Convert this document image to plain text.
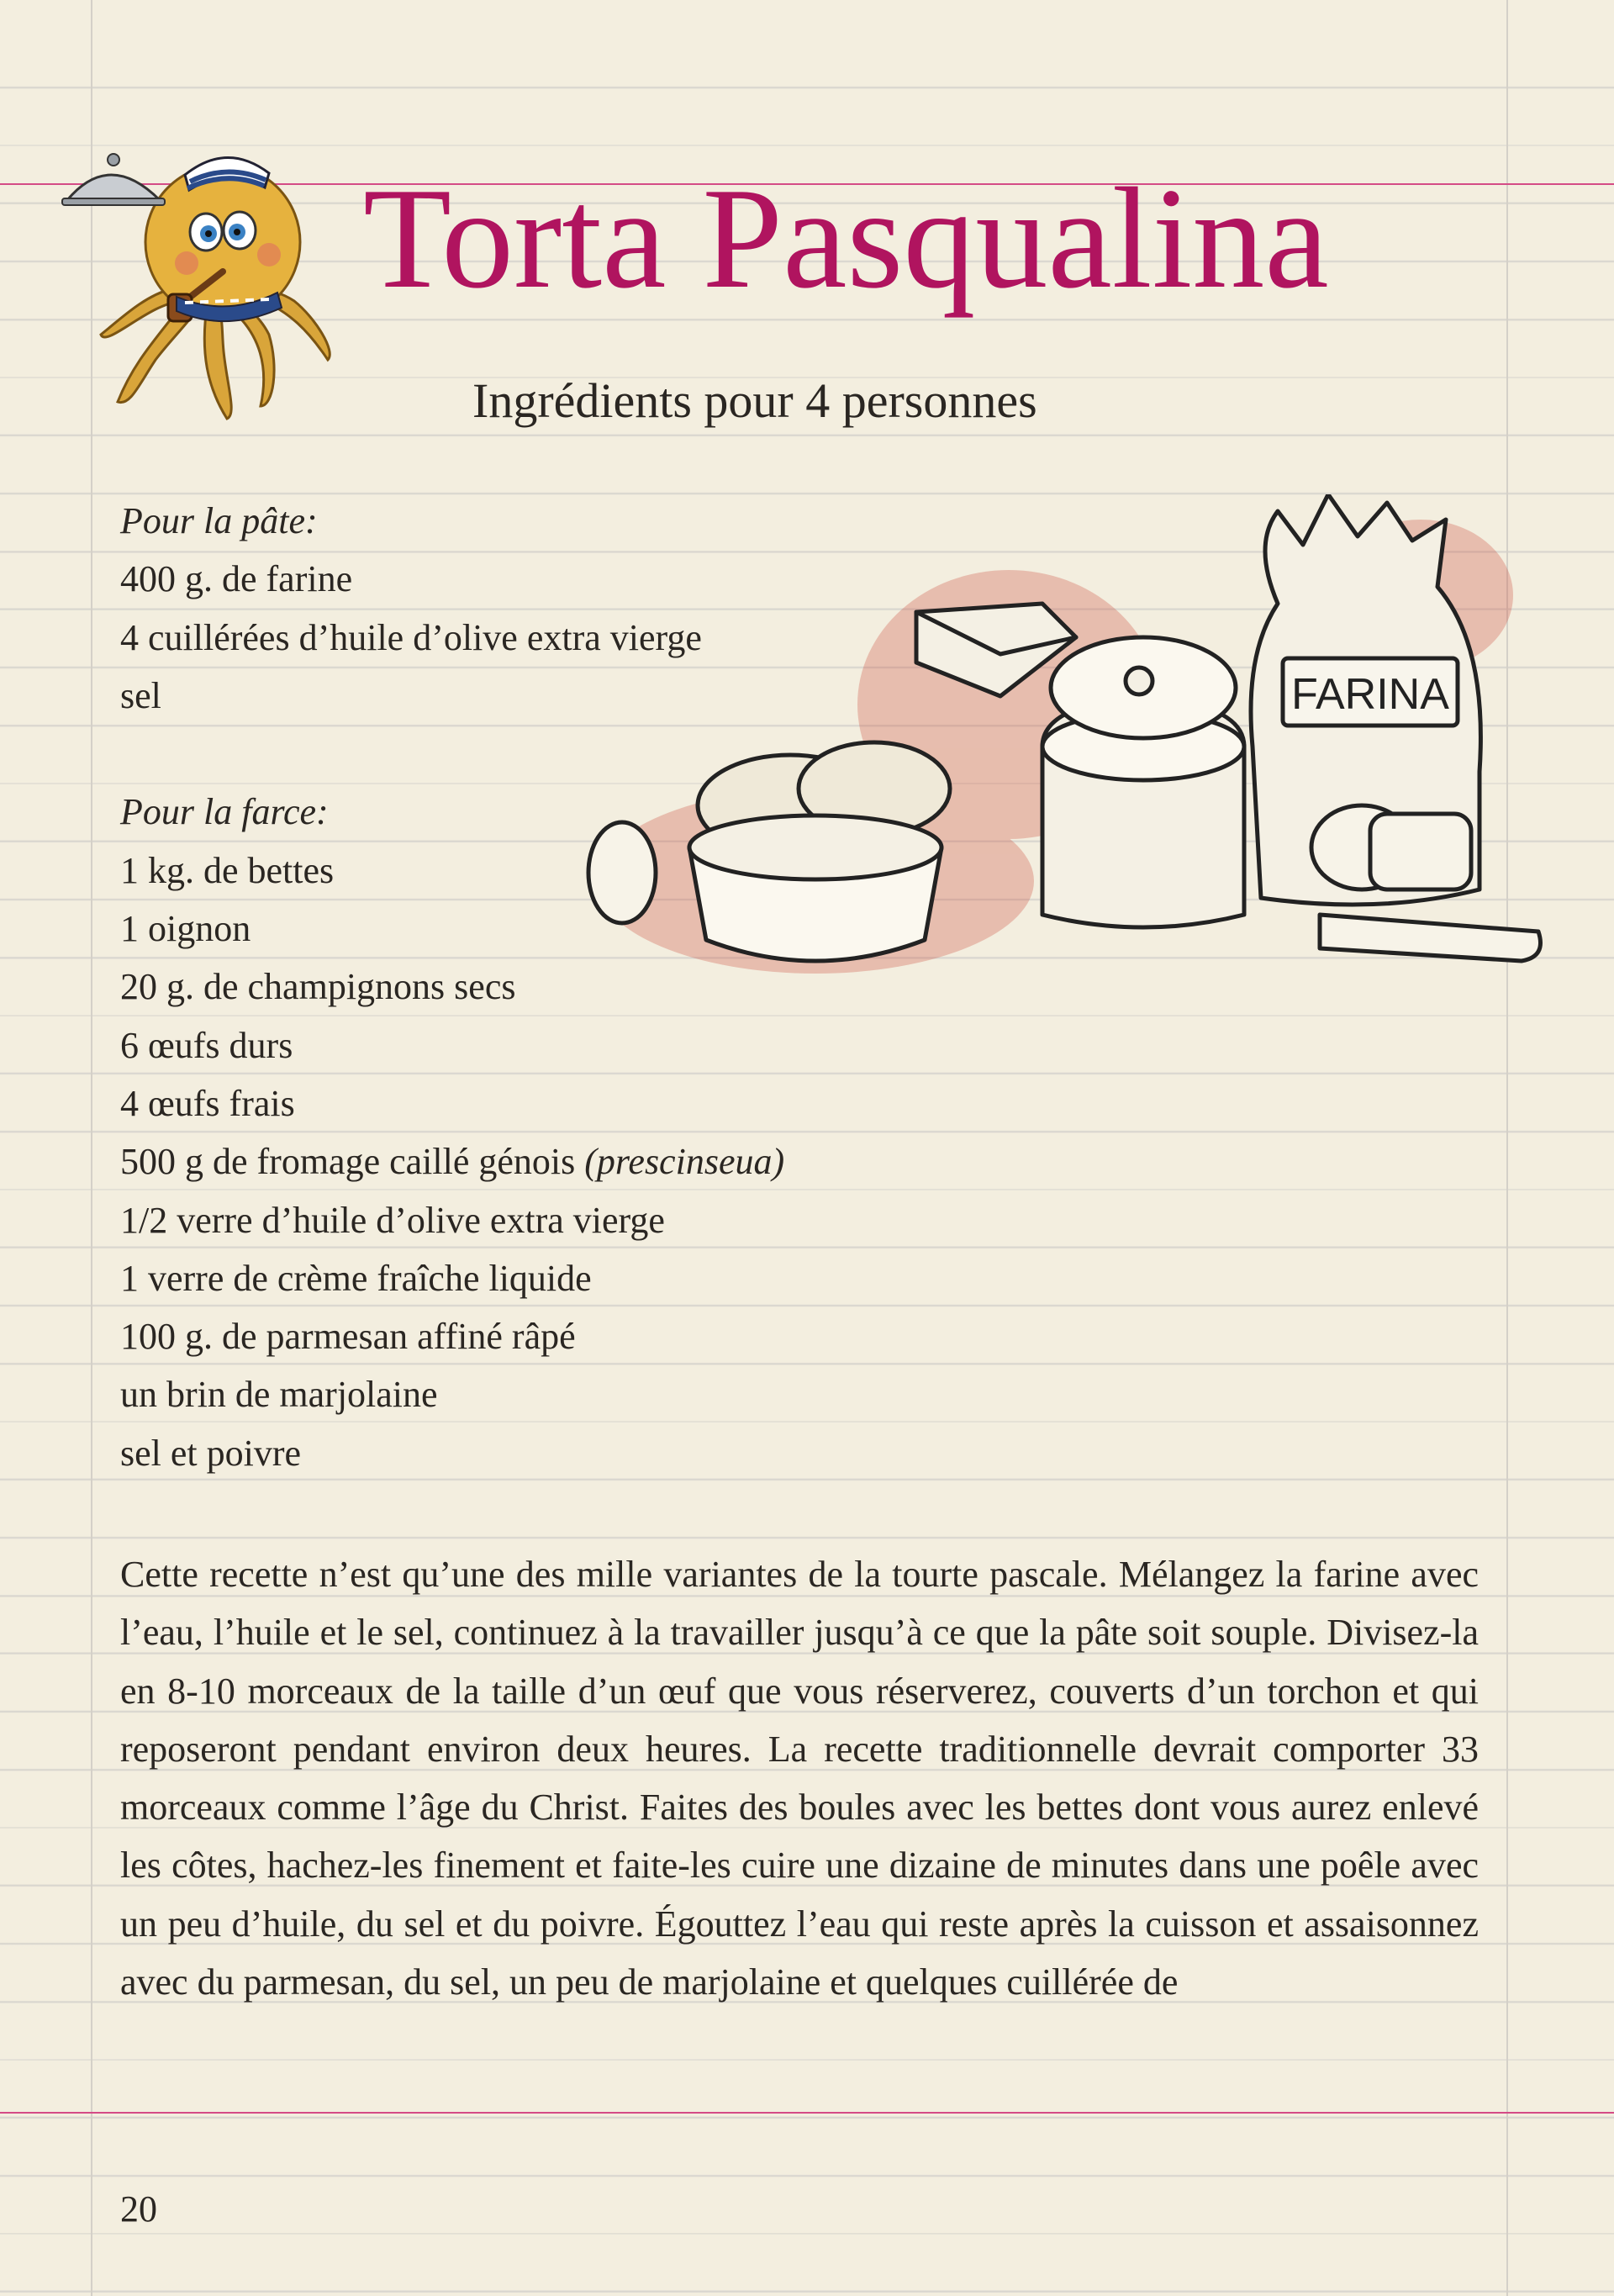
Torta Pasqualina
Ingrédients pour 4 personnes
Pour la pâte:
400 g. de farine
4 cuillérées d’huile d’olive extra vierge
sel
Pour la farce:
1 kg. de bettes
1 oignon
20 g. de champignons secs
6 œufs durs
4 œufs frais
500 g de fromage caillé génois (prescinseua)
1/2 verre d’huile d’olive extra vierge
1 verre de crème fraîche liquide
100 g. de parmesan affiné râpé
un brin de marjolaine
sel et poivre
FARINA

Cette recette n’est qu’une des mille variantes de la tourte pascale. Mélangez la farine avec l’eau, l’huile et le sel, continuez à la travailler jusqu’à ce que la pâte soit souple. Divisez-la en 8-10 morceaux de la taille d’un œuf que vous réserverez, couverts d’un torchon et qui reposeront pendant environ deux heures. La recette traditionnelle devrait comporter 33 morceaux comme l’âge du Christ. Faites des boules avec les bettes dont vous aurez enlevé les côtes, hachez-les finement et faite-les cuire une dizaine de minutes dans une poêle avec un peu d’huile, du sel et du poivre. Égouttez l’eau qui reste après la cuisson et assaisonnez avec du parmesan, du sel, un peu de marjolaine et quelques cuillérée de

20
